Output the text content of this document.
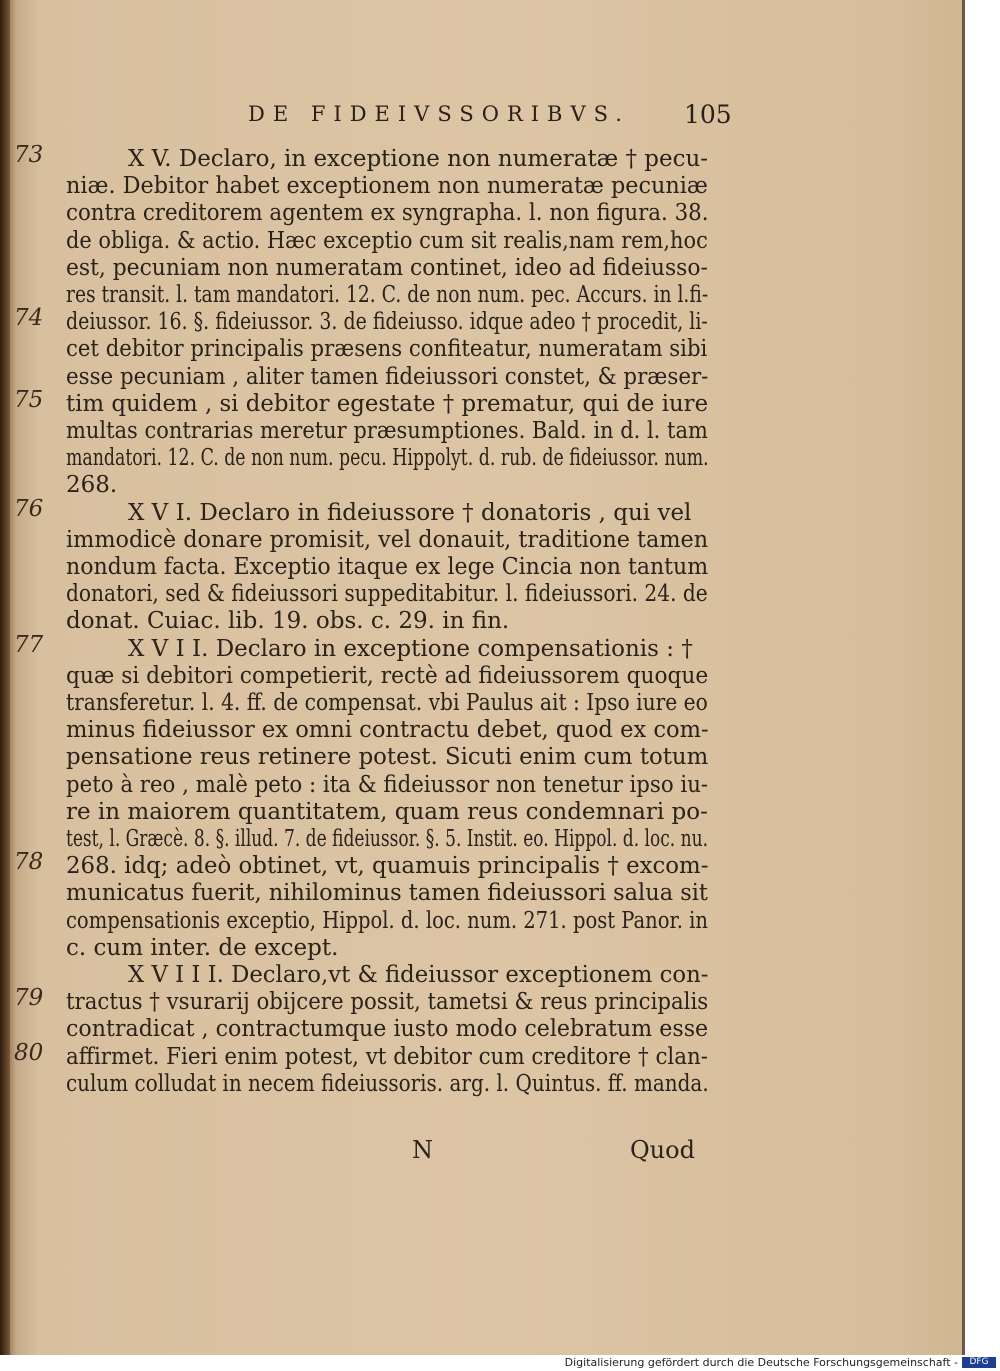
DE FIDEIVSSORIBVS. 105
73	X V. Declaro, in exceptione non numeratæ † pecu-
niæ. Debitor habet exceptionem non numeratæ pecuniæ
contra creditorem agentem ex syngrapha. l. non figura. 38.
de obliga. & actio. Hæc exceptio cum sit realis,nam rem,hoc
est, pecuniam non numeratam continet, ideo ad fideiusso-
res transit. l. tam mandatori. 12. C. de non num. pec. Accurs. in l.fi-
74 deiussor. 16. §. fideiussor. 3. de fideiusso. idque adeo † procedit, li-
cet debitor principalis præsens confiteatur, numeratam sibi
esse pecuniam , aliter tamen fideiussori constet, & præser-
75 tim quidem , si debitor egestate † prematur, qui de iure
multas contrarias meretur præsumptiones. Bald. in d. l. tam
mandatori. 12. C. de non num. pecu. Hippolyt. d. rub. de fideiussor. num.
268.
76	X V I. Declaro in fideiussore † donatoris , qui vel
immodicè donare promisit, vel donauit, traditione tamen
nondum facta. Exceptio itaque ex lege Cincia non tantum
donatori, sed & fideiussori suppeditabitur. l. fideiussori. 24. de
donat. Cuiac. lib. 19. obs. c. 29. in fin.
77	X V I I. Declaro in exceptione compensationis : †
quæ si debitori competierit, rectè ad fideiussorem quoque
transferetur. l. 4. ff. de compensat. vbi Paulus ait : Ipso iure eo
minus fideiussor ex omni contractu debet, quod ex com-
pensatione reus retinere potest. Sicuti enim cum totum
peto à reo , malè peto : ita & fideiussor non tenetur ipso iu-
re in maiorem quantitatem, quam reus condemnari po-
test, l. Græcè. 8. §. illud. 7. de fideiussor. §. 5. Instit. eo. Hippol. d. loc. nu.
78 268. idq; adeò obtinet, vt, quamuis principalis † excom-
municatus fuerit, nihilominus tamen fideiussori salua sit
compensationis exceptio, Hippol. d. loc. num. 271. post Panor. in
c. cum inter. de except.
X V I I I. Declaro,vt & fideiussor exceptionem con-
79 tractus † vsurarij obijcere possit, tametsi & reus principalis
contradicat , contractumque iusto modo celebratum esse
80 affirmet. Fieri enim potest, vt debitor cum creditore † clan-
culum colludat in necem fideiussoris. arg. l. Quintus. ff. manda.
N	Quod
Digitalisierung gefördert durch die Deutsche Forschungsgemeinschaft -	DFG
